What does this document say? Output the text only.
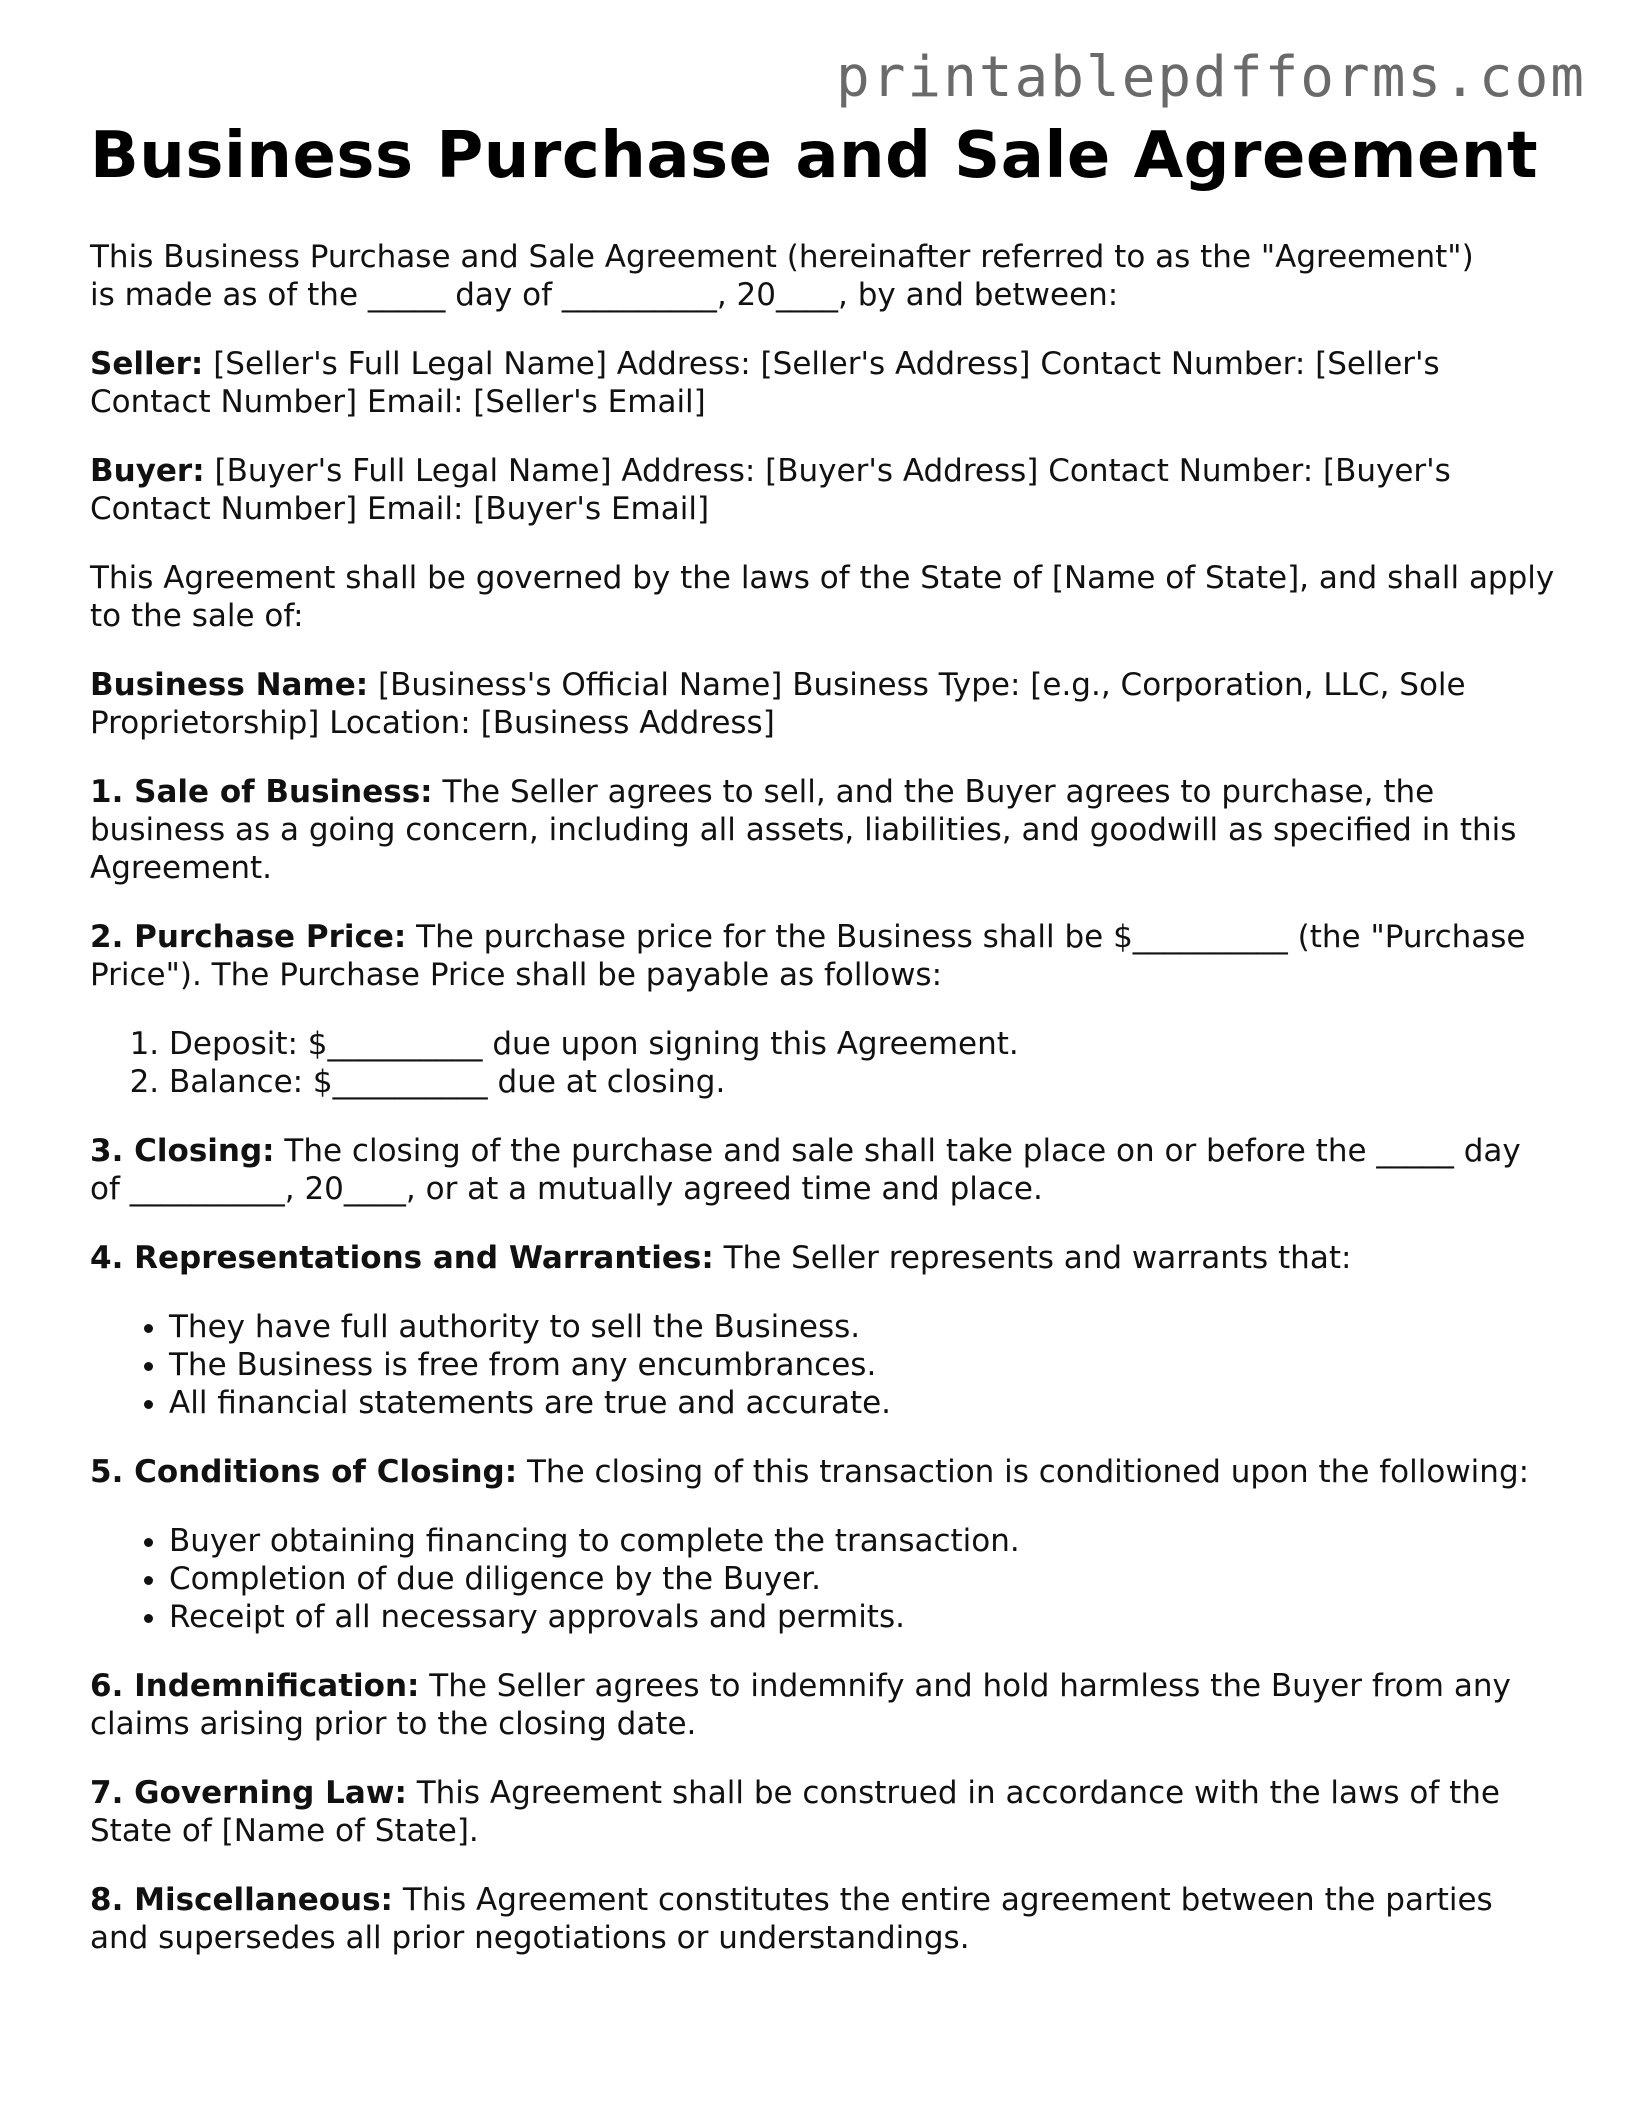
printablepdfforms.com
Business Purchase and Sale Agreement

This Business Purchase and Sale Agreement (hereinafter referred to as the "Agreement")
is made as of the _____ day of __________, 20____, by and between:

Seller: [Seller's Full Legal Name] Address: [Seller's Address] Contact Number: [Seller's Contact Number] Email: [Seller's Email]

Buyer: [Buyer's Full Legal Name] Address: [Buyer's Address] Contact Number: [Buyer's Contact Number] Email: [Buyer's Email]

This Agreement shall be governed by the laws of the State of [Name of State], and shall apply to the sale of:

Business Name: [Business's Official Name] Business Type: [e.g., Corporation, LLC, Sole Proprietorship] Location: [Business Address]

1. Sale of Business: The Seller agrees to sell, and the Buyer agrees to purchase, the business as a going concern, including all assets, liabilities, and goodwill as specified in this Agreement.

2. Purchase Price: The purchase price for the Business shall be $__________ (the "Purchase Price"). The Purchase Price shall be payable as follows:

1. Deposit: $__________ due upon signing this Agreement.
2. Balance: $__________ due at closing.

3. Closing: The closing of the purchase and sale shall take place on or before the _____ day of __________, 20____, or at a mutually agreed time and place.

4. Representations and Warranties: The Seller represents and warrants that:

• They have full authority to sell the Business.
• The Business is free from any encumbrances.
• All financial statements are true and accurate.

5. Conditions of Closing: The closing of this transaction is conditioned upon the following:

• Buyer obtaining financing to complete the transaction.
• Completion of due diligence by the Buyer.
• Receipt of all necessary approvals and permits.

6. Indemnification: The Seller agrees to indemnify and hold harmless the Buyer from any claims arising prior to the closing date.

7. Governing Law: This Agreement shall be construed in accordance with the laws of the State of [Name of State].

8. Miscellaneous: This Agreement constitutes the entire agreement between the parties and supersedes all prior negotiations or understandings.
